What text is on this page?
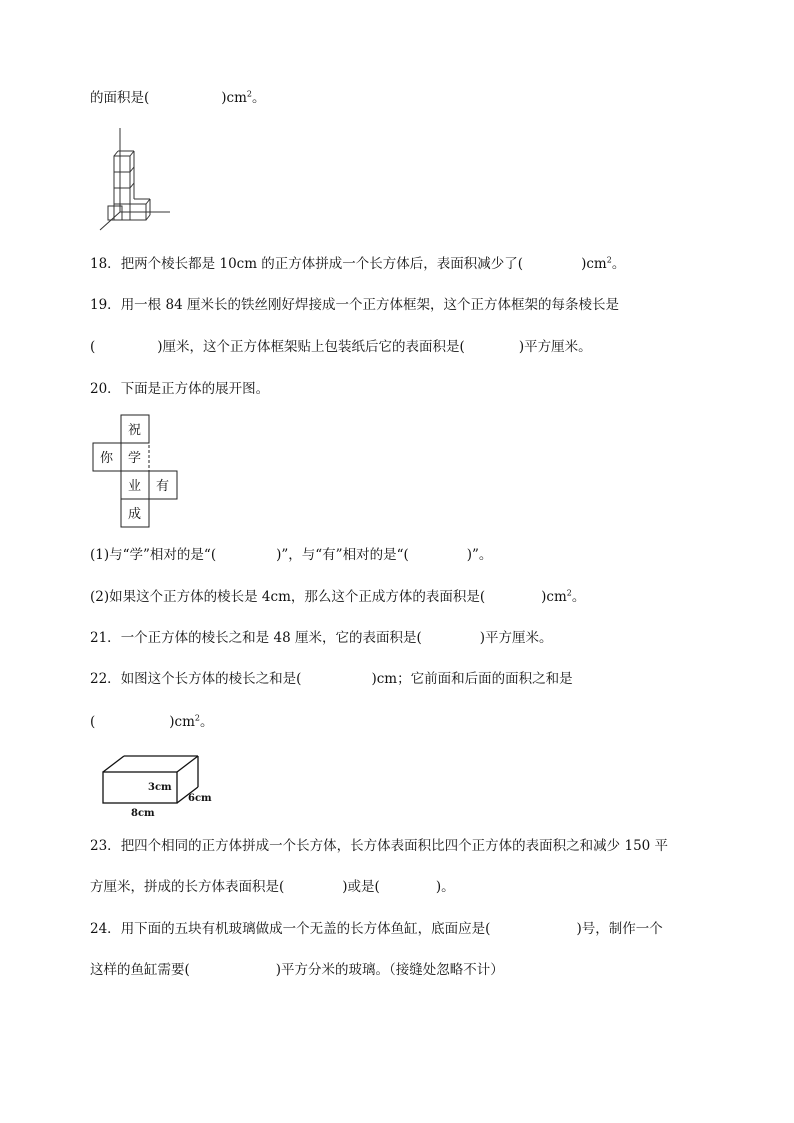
的面积是(	)$cm^2$。
18．把两个棱长都是 10cm 的正方体拼成一个长方体后，表面积减少了(	)$cm^2$。
19．用一根 84 厘米长的铁丝刚好焊接成一个正方体框架，这个正方体框架的每条棱长是
(	)厘米，这个正方体框架贴上包装纸后它的表面积是(	)平方厘米。
20．下面是正方体的展开图。
祝
你 学
业 有
成
(1)与“学”相对的是“(	)”，与“有”相对的是“(	)”。
(2)如果这个正方体的棱长是 4cm，那么这个正成方体的表面积是(	)$cm^2$。
21．一个正方体的棱长之和是 48 厘米，它的表面积是(	)平方厘米。
22．如图这个长方体的棱长之和是(	)cm；它前面和后面的面积之和是
(	)$cm^2$。
3cm
6cm
8cm
23．把四个相同的正方体拼成一个长方体，长方体表面积比四个正方体的表面积之和减少 150 平
方厘米，拼成的长方体表面积是(	)或是(	)。
24．用下面的五块有机玻璃做成一个无盖的长方体鱼缸，底面应是(	)号，制作一个
这样的鱼缸需要(	)平方分米的玻璃。（接缝处忽略不计）
